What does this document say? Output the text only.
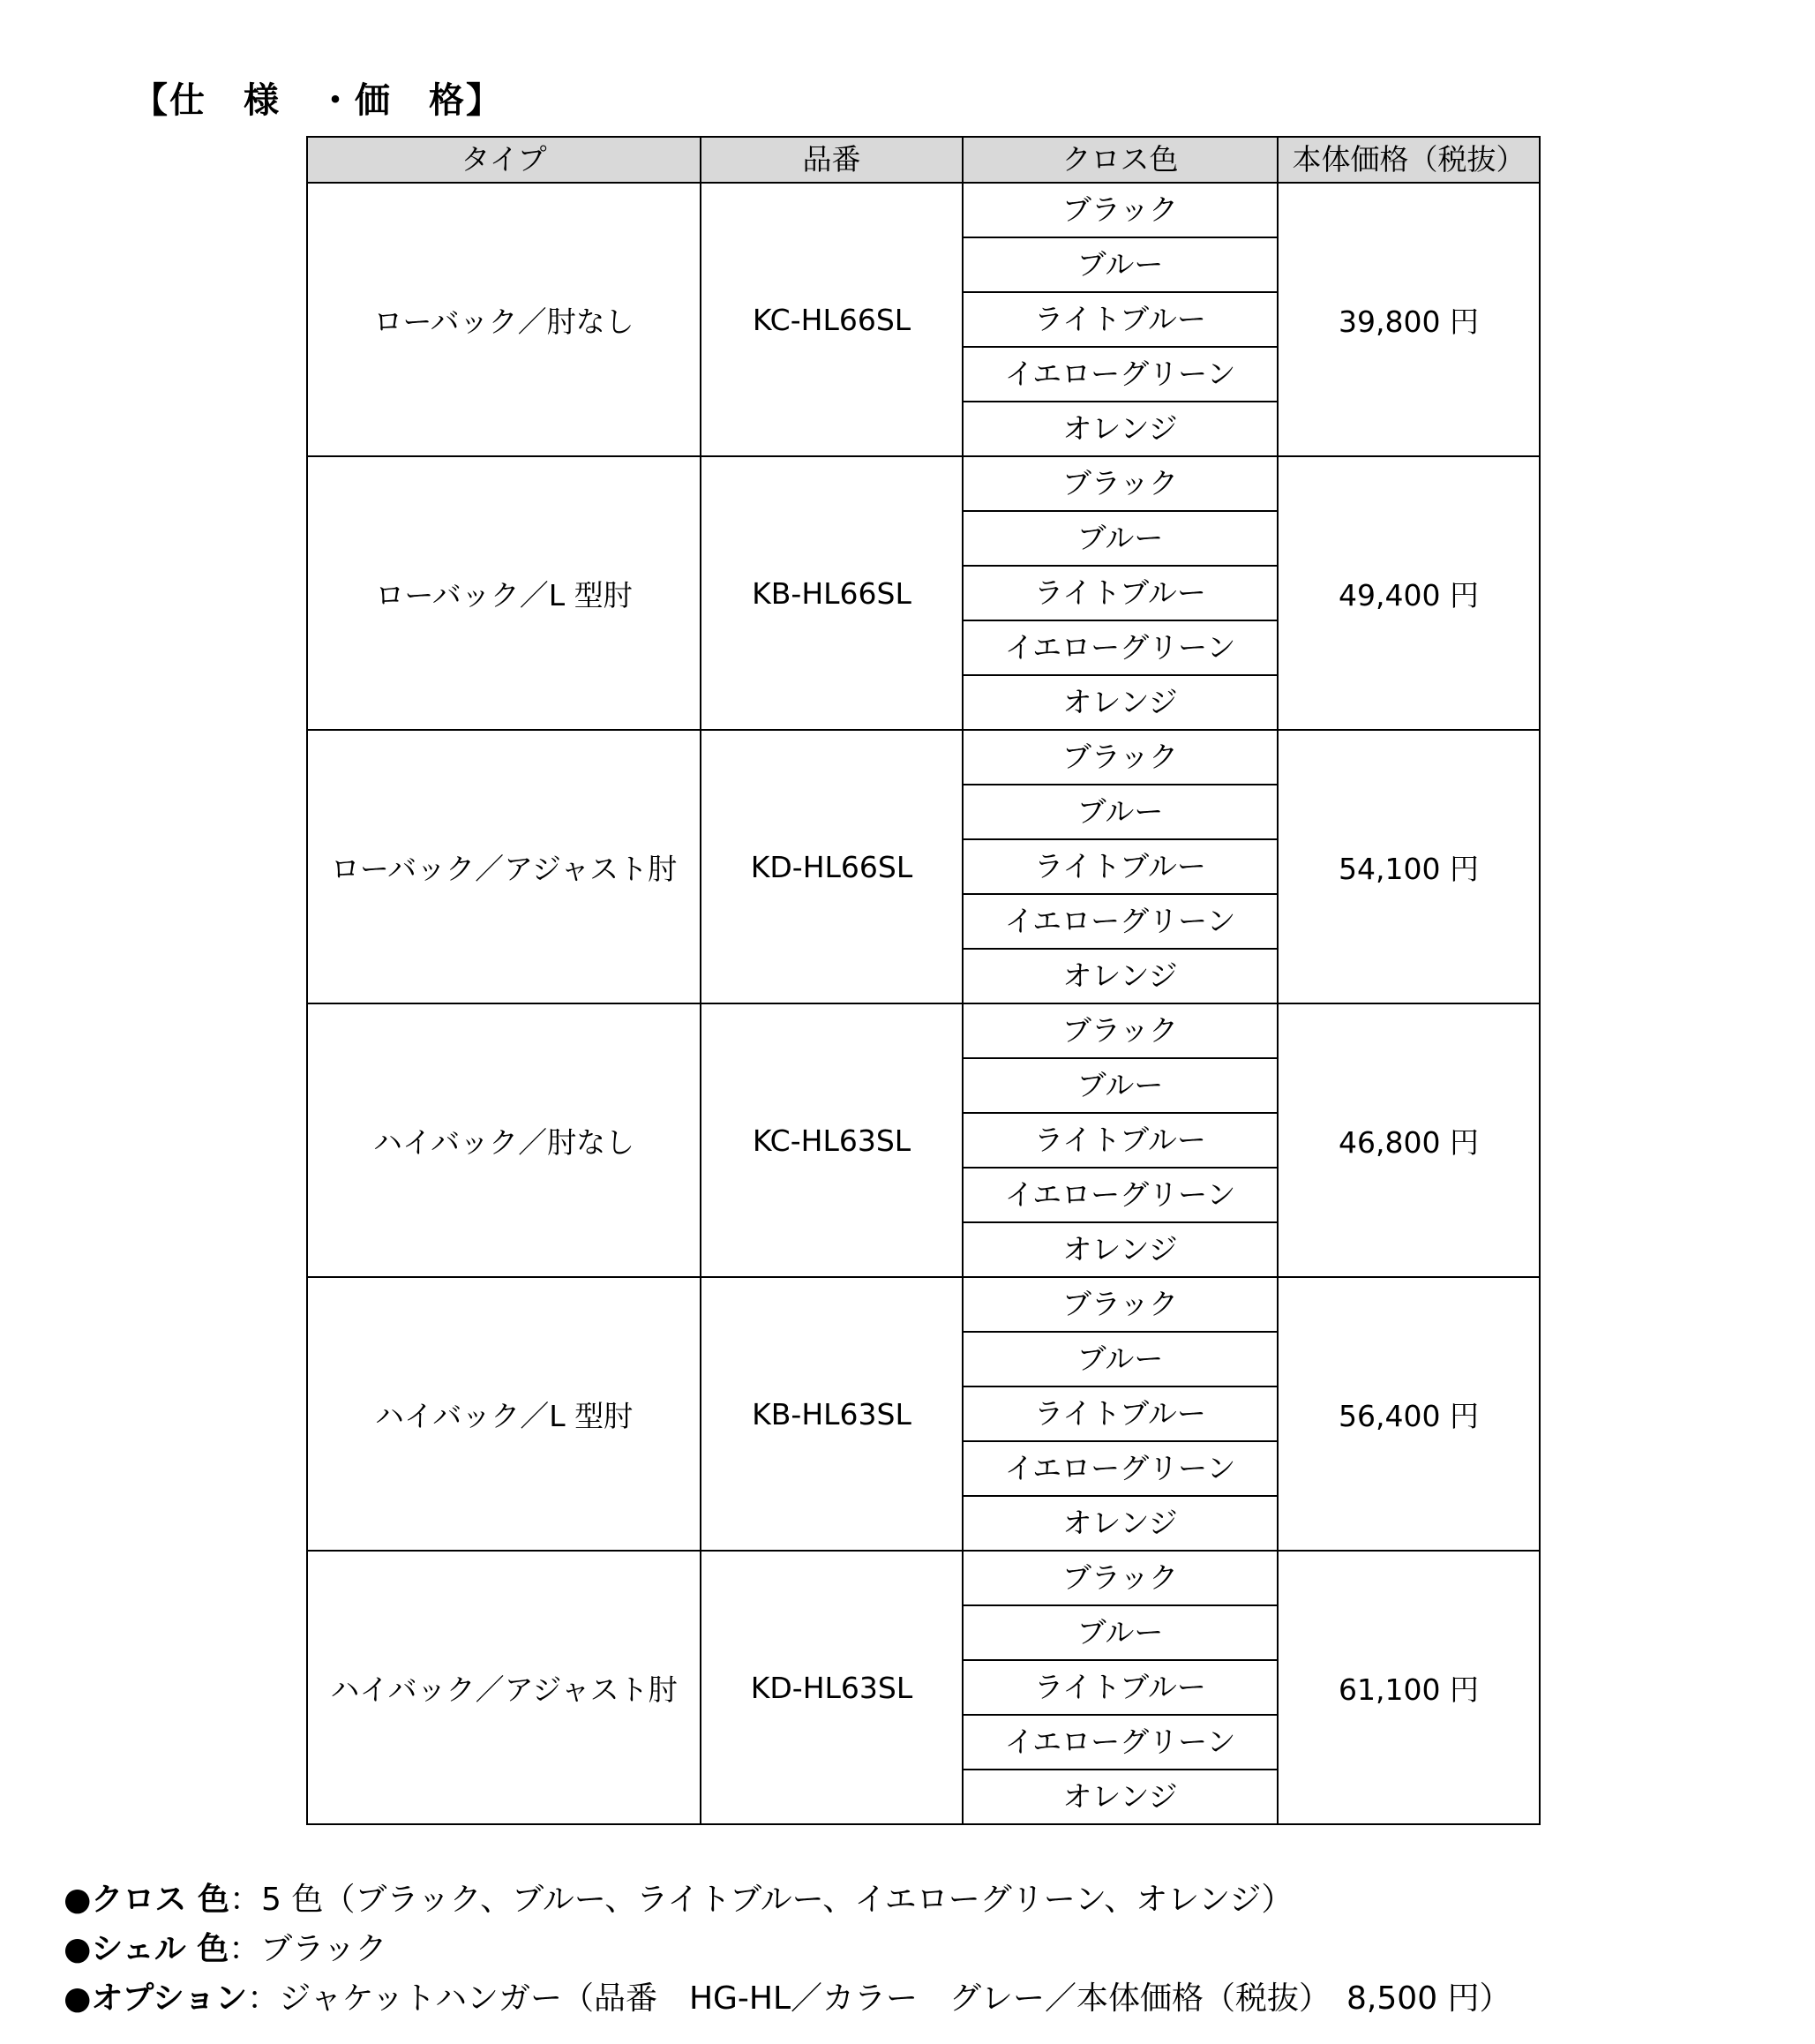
【仕　様　・価　格】
タイプ	品番	クロス色	本体価格（税抜）
ローバック／肘なし	KC-HL66SL	ブラック	39,800 円
		ブルー	
		ライトブルー	
		イエローグリーン	
		オレンジ	
ローバック／L 型肘	KB-HL66SL	ブラック	49,400 円
		ブルー	
		ライトブルー	
		イエローグリーン	
		オレンジ	
ローバック／アジャスト肘	KD-HL66SL	ブラック	54,100 円
		ブルー	
		ライトブルー	
		イエローグリーン	
		オレンジ	
ハイバック／肘なし	KC-HL63SL	ブラック	46,800 円
		ブルー	
		ライトブルー	
		イエローグリーン	
		オレンジ	
ハイバック／L 型肘	KB-HL63SL	ブラック	56,400 円
		ブルー	
		ライトブルー	
		イエローグリーン	
		オレンジ	
ハイバック／アジャスト肘	KD-HL63SL	ブラック	61,100 円
		ブルー	
		ライトブルー	
		イエローグリーン	
		オレンジ	
●クロス 色：5 色（ブラック、ブルー、ライトブルー、イエローグリーン、オレンジ）
●シェル 色：ブラック
●オプション：ジャケットハンガー（品番　HG-HL／カラー　グレー／本体価格（税抜）　8,500 円）
